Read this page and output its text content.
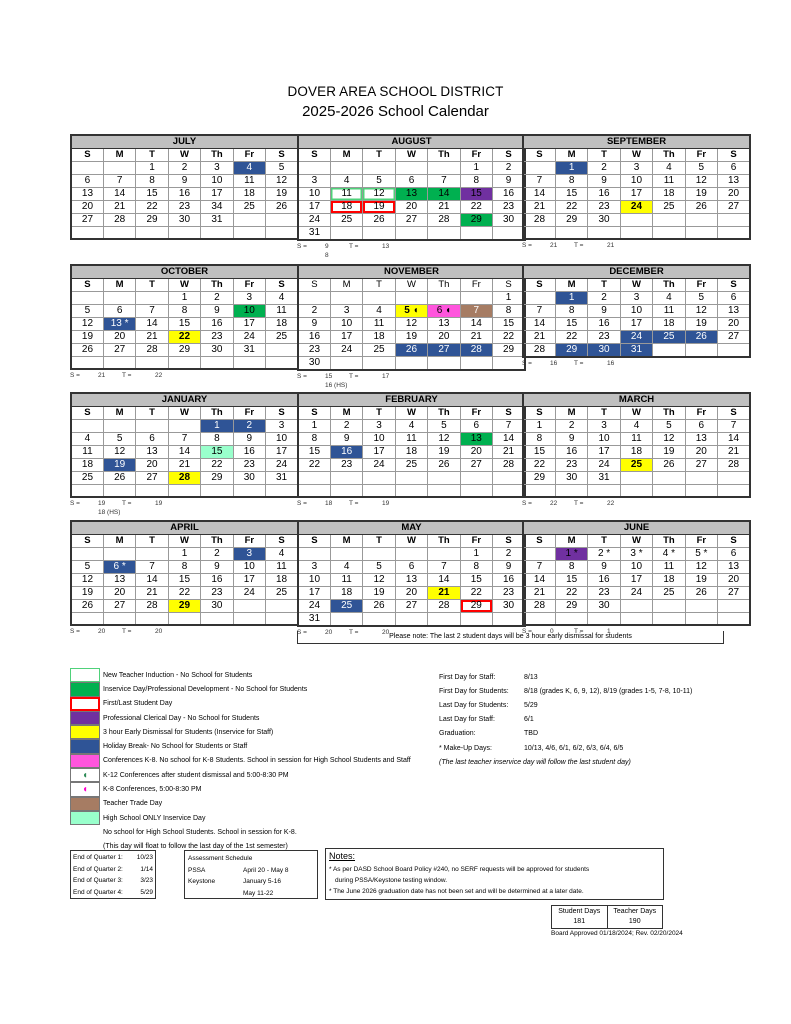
DOVER AREA SCHOOL DISTRICT
2025-2026 School Calendar
JULY						
S	M	T	W	Th	Fr	S
		1	2	3	4	5
6	7	8	9	10	11	12
13	14	15	16	17	18	19
20	21	22	23	34	25	26
27	28	29	30	31		

AUGUST						
S	M	T	W	Th	Fr	S
					1	2
3	4	5	6	7	8	9
10	11	12	13	14	15	16
17	18	19	20	21	22	23
24	25	26	27	28	29	30
31						
S =	9	T =	13
8
SEPTEMBER						
S	M	T	W	Th	Fr	S
	1	2	3	4	5	6
7	8	9	10	11	12	13
14	15	16	17	18	19	20
21	22	23	24	25	26	27
28	29	30				

S =	21	T =	21
OCTOBER						
S	M	T	W	Th	Fr	S
			1	2	3	4
5	6	7	8	9	10	11
12	13 *	14	15	16	17	18
19	20	21	22	23	24	25
26	27	28	29	30	31	

S =	21	T =	22
NOVEMBER						
S	M	T	W	Th	Fr	S
						1
2	3	4	5 ◖	6 ◖	7	8
9	10	11	12	13	14	15
16	17	18	19	20	21	22
23	24	25	26	27	28	29
30						
S =	15	T =	17
16 (HS)
DECEMBER						
S	M	T	W	Th	Fr	S
	1	2	3	4	5	6
7	8	9	10	11	12	13
14	15	16	17	18	19	20
21	22	23	24	25	26	27
28	29	30	31			
S =	16	T =	16
JANUARY						
S	M	T	W	Th	Fr	S
				1	2	3
4	5	6	7	8	9	10
11	12	13	14	15	16	17
18	19	20	21	22	23	24
25	26	27	28	29	30	31

S =	19	T =	19
18 (HS)
FEBRUARY						
S	M	T	W	Th	Fr	S
1	2	3	4	5	6	7
8	9	10	11	12	13	14
15	16	17	18	19	20	21
22	23	24	25	26	27	28

S =	18	T =	19
MARCH						
S	M	T	W	Th	Fr	S
1	2	3	4	5	6	7
8	9	10	11	12	13	14
15	16	17	18	19	20	21
22	23	24	25	26	27	28
29	30	31				

S =	22	T =	22
APRIL						
S	M	T	W	Th	Fr	S
			1	2	3	4
5	6 *	7	8	9	10	11
12	13	14	15	16	17	18
19	20	21	22	23	24	25
26	27	28	29	30		

S =	20	T =	20
MAY						
S	M	T	W	Th	Fr	S
					1	2
3	4	5	6	7	8	9
10	11	12	13	14	15	16
17	18	19	20	21	22	23
24	25	26	27	28	29	30
31						
S =	20	T =	20
JUNE						
S	M	T	W	Th	Fr	S
	1 *	2 *	3 *	4 *	5 *	6
7	8	9	10	11	12	13
14	15	16	17	18	19	20
21	22	23	24	25	26	27
28	29	30				

S =	0	T =	1
Please note: The last 2 student days will be 3 hour early dismissal for students
New Teacher Induction - No School for Students
Inservice Day/Professional Development - No School for Students
First/Last Student Day
Professional Clerical Day - No School for Students
3 hour Early Dismissal for Students (Inservice for Staff)
Holiday Break- No School for Students or Staff
Conferences K-8. No school for K-8 Students. School in session for High School Students and Staff
◖	K-12 Conferences after student dismissal and 5:00-8:30 PM
◖	K-8 Conferences, 5:00-8:30 PM
Teacher Trade Day
High School ONLY Inservice Day
No school for High School Students. School in session for K-8.
(This day will float to follow the last day of the 1st semester)
First Day for Staff:	8/13
First Day for Students:	8/18 (grades K, 6, 9, 12), 8/19 (grades 1-5, 7-8, 10-11)
Last Day for Students:	5/29
Last Day for Staff:	6/1
Graduation:	TBD
* Make-Up Days:	10/13, 4/6, 6/1, 6/2, 6/3, 6/4, 6/5
(The last teacher inservice day will follow the last student day)
End of Quarter 1: 10/23
End of Quarter 2:	1/14
End of Quarter 3:	3/23
End of Quarter 4:	5/29
Assessment Schedule
PSSA	April 20 - May 8
Keystone	January 5-16
May 11-22
Notes:
* As per DASD School Board Policy #240, no SERF requests will be approved for students
during PSSA/Keystone testing window.
* The June 2026 graduation date has not been set and will be determined at a later date.
Student Days
181
Teacher Days
190
Board Approved 01/18/2024; Rev. 02/20/2024
